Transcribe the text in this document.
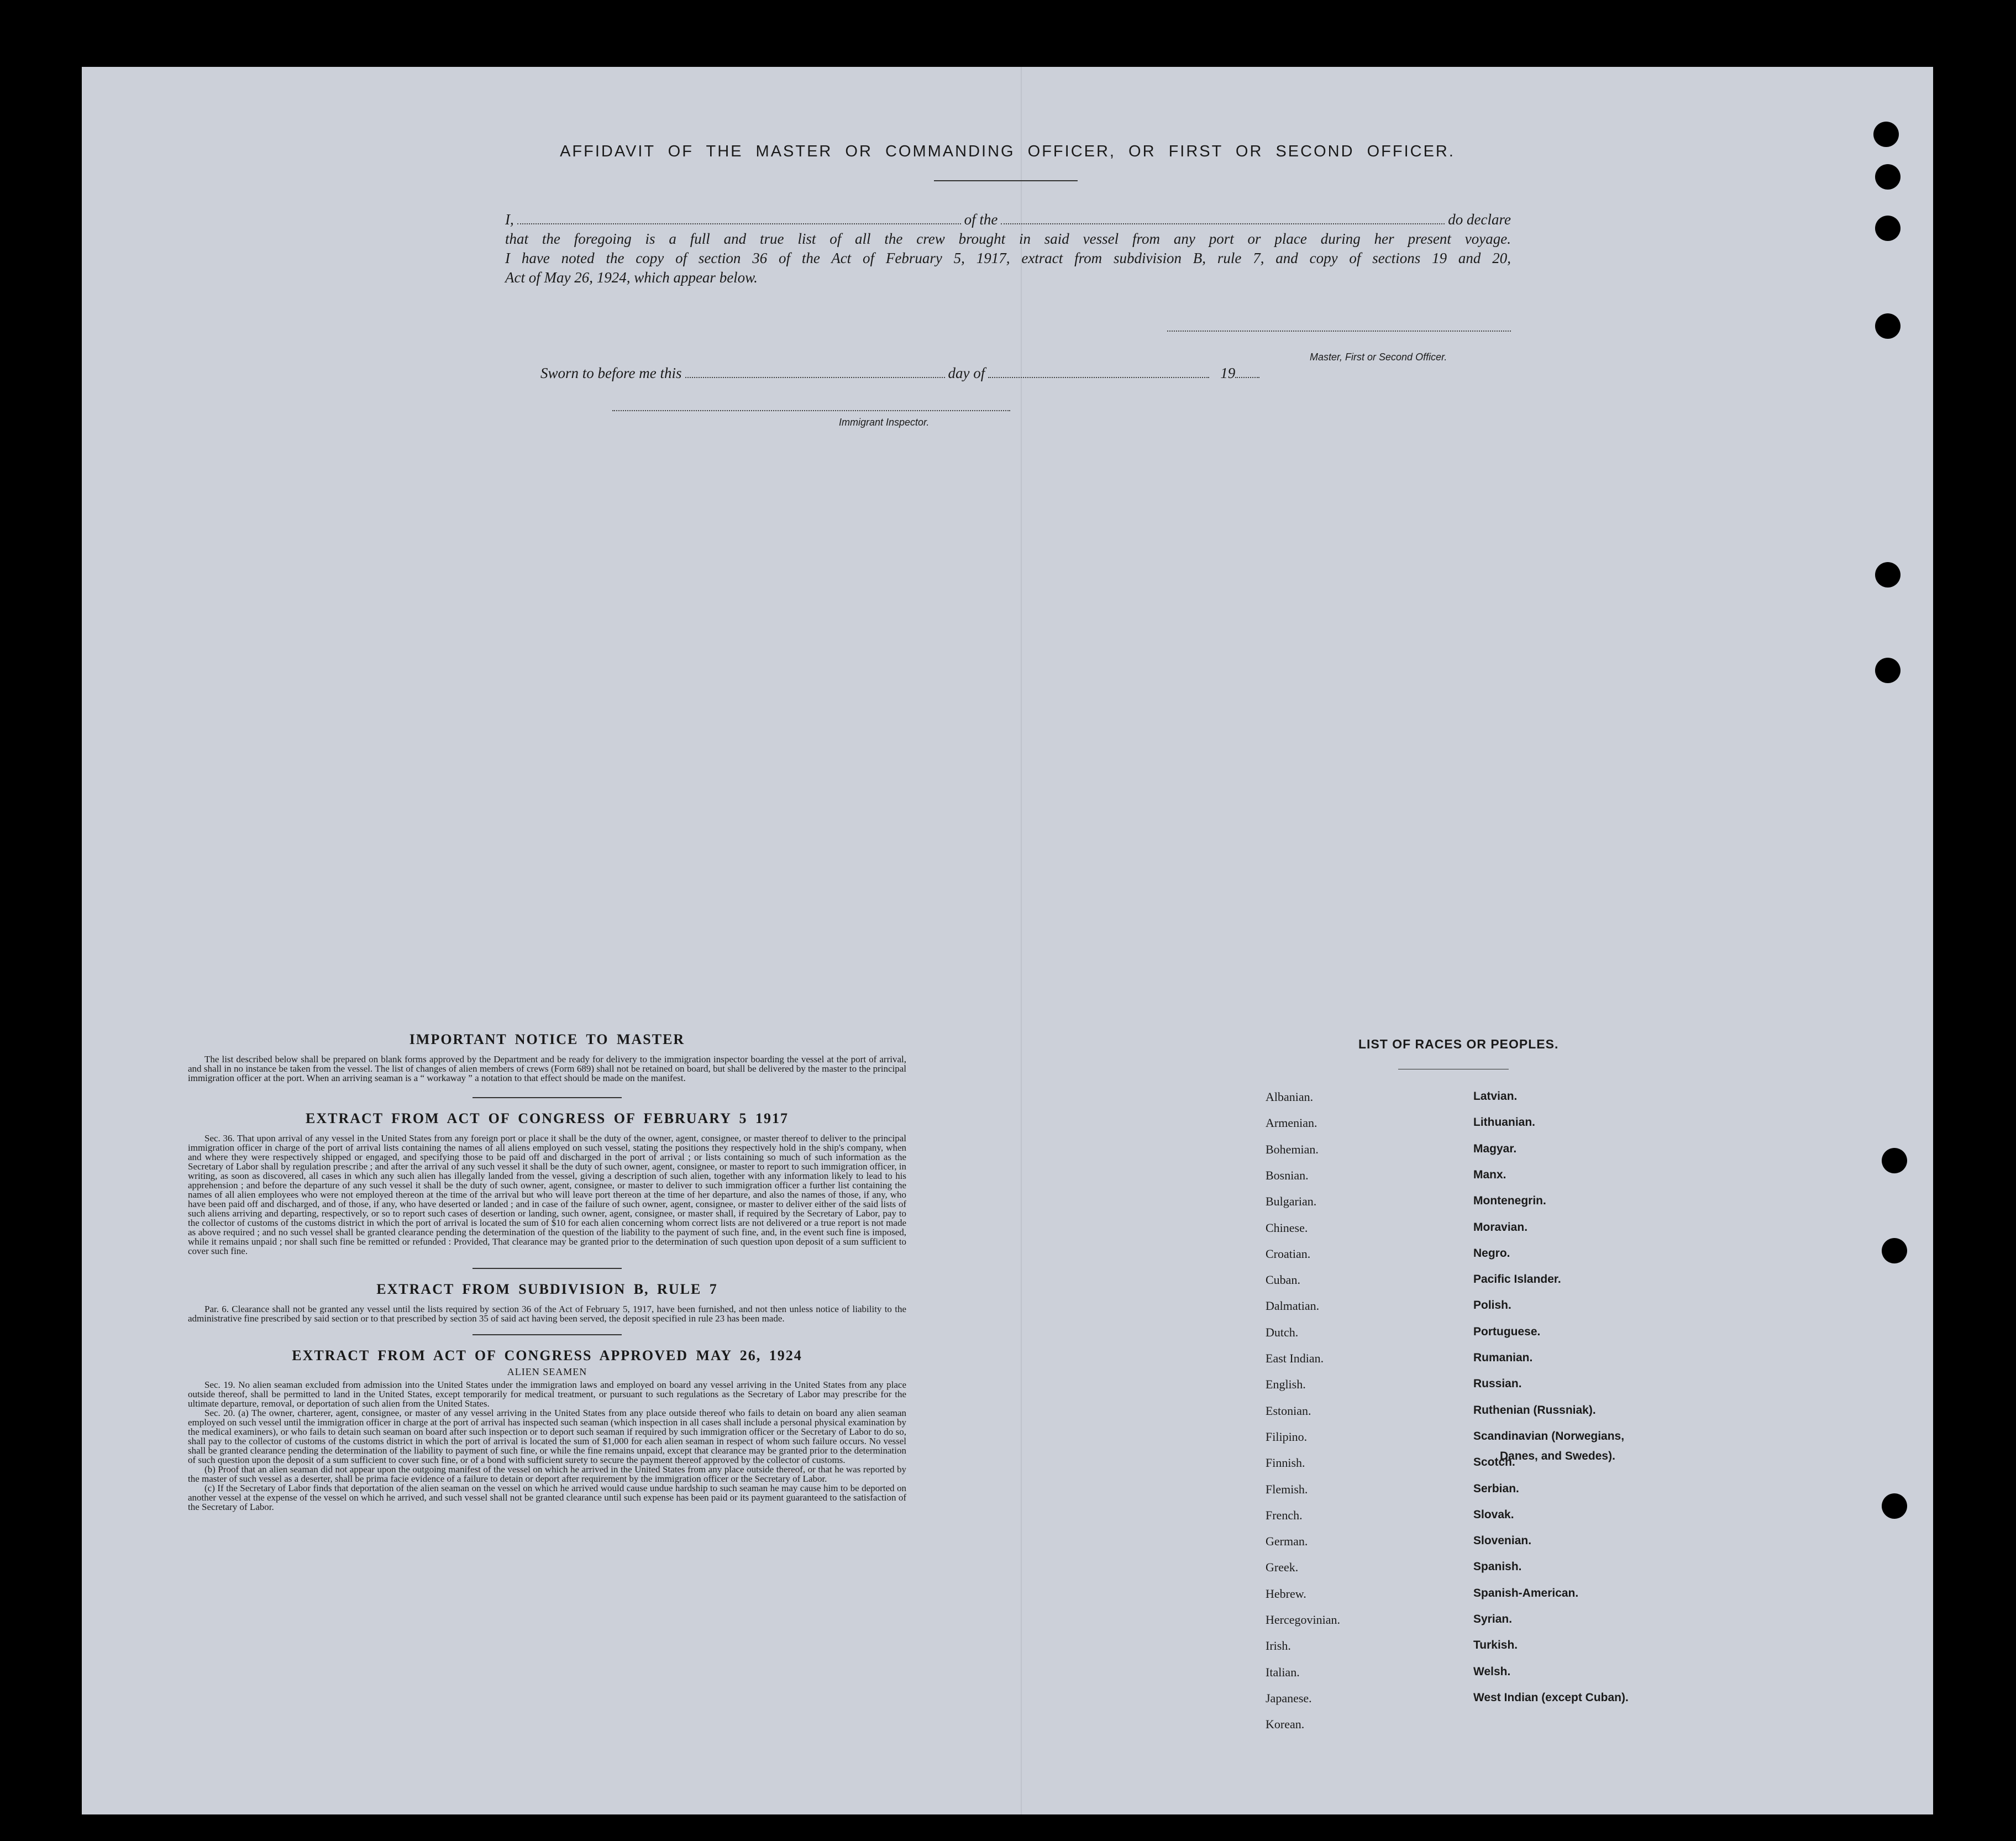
AFFIDAVIT OF THE MASTER OR COMMANDING OFFICER, OR FIRST OR SECOND OFFICER.
I,	of the	do declare

that the foregoing is a full and true list of all the crew brought in said vessel from any port or place during her present voyage.

I have noted the copy of section 36 of the Act of February 5, 1917, extract from subdivision B, rule 7, and copy of sections 19 and 20,

Act of May 26, 1924, which appear below.

Master, First or Second Officer.
Sworn to before me this	day of	19
Immigrant Inspector.
IMPORTANT NOTICE TO MASTER

The list described below shall be prepared on blank forms approved by the Department and be ready for delivery to the immigration inspector boarding the vessel at the port of arrival, and shall in no instance be taken from the vessel. The list of changes of alien members of crews (Form 689) shall not be retained on board, but shall be delivered by the master to the principal immigration officer at the port. When an arriving seaman is a “ workaway ” a notation to that effect should be made on the manifest.

EXTRACT FROM ACT OF CONGRESS OF FEBRUARY 5 1917

Sec. 36. That upon arrival of any vessel in the United States from any foreign port or place it shall be the duty of the owner, agent, consignee, or master thereof to deliver to the principal immigration officer in charge of the port of arrival lists containing the names of all aliens employed on such vessel, stating the positions they respectively hold in the ship's company, when and where they were respectively shipped or engaged, and specifying those to be paid off and discharged in the port of arrival ; or lists containing so much of such information as the Secretary of Labor shall by regulation prescribe ; and after the arrival of any such vessel it shall be the duty of such owner, agent, consignee, or master to report to such immigration officer, in writing, as soon as discovered, all cases in which any such alien has illegally landed from the vessel, giving a description of such alien, together with any information likely to lead to his apprehension ; and before the departure of any such vessel it shall be the duty of such owner, agent, consignee, or master to deliver to such immigration officer a further list containing the names of all alien employees who were not employed thereon at the time of the arrival but who will leave port thereon at the time of her departure, and also the names of those, if any, who have been paid off and discharged, and of those, if any, who have deserted or landed ; and in case of the failure of such owner, agent, consignee, or master to deliver either of the said lists of such aliens arriving and departing, respectively, or so to report such cases of desertion or landing, such owner, agent, consignee, or master shall, if required by the Secretary of Labor, pay to the collector of customs of the customs district in which the port of arrival is located the sum of $10 for each alien concerning whom correct lists are not delivered or a true report is not made as above required ; and no such vessel shall be granted clearance pending the determination of the question of the liability to the payment of such fine, and, in the event such fine is imposed, while it remains unpaid ; nor shall such fine be remitted or refunded : Provided, That clearance may be granted prior to the determination of such question upon deposit of a sum sufficient to cover such fine.

EXTRACT FROM SUBDIVISION B, RULE 7

Par. 6. Clearance shall not be granted any vessel until the lists required by section 36 of the Act of February 5, 1917, have been furnished, and not then unless notice of liability to the administrative fine prescribed by said section or to that prescribed by section 35 of said act having been served, the deposit specified in rule 23 has been made.

EXTRACT FROM ACT OF CONGRESS APPROVED MAY 26, 1924
ALIEN SEAMEN

Sec. 19. No alien seaman excluded from admission into the United States under the immigration laws and employed on board any vessel arriving in the United States from any place outside thereof, shall be permitted to land in the United States, except temporarily for medical treatment, or pursuant to such regulations as the Secretary of Labor may prescribe for the ultimate departure, removal, or deportation of such alien from the United States.

Sec. 20. (a) The owner, charterer, agent, consignee, or master of any vessel arriving in the United States from any place outside thereof who fails to detain on board any alien seaman employed on such vessel until the immigration officer in charge at the port of arrival has inspected such seaman (which inspection in all cases shall include a personal physical examination by the medical examiners), or who fails to detain such seaman on board after such inspection or to deport such seaman if required by such immigration officer or the Secretary of Labor to do so, shall pay to the collector of customs of the customs district in which the port of arrival is located the sum of $1,000 for each alien seaman in respect of whom such failure occurs. No vessel shall be granted clearance pending the determination of the liability to payment of such fine, or while the fine remains unpaid, except that clearance may be granted prior to the determination of such question upon the deposit of a sum sufficient to cover such fine, or of a bond with sufficient surety to secure the payment thereof approved by the collector of customs.

(b) Proof that an alien seaman did not appear upon the outgoing manifest of the vessel on which he arrived in the United States from any place outside thereof, or that he was reported by the master of such vessel as a deserter, shall be prima facie evidence of a failure to detain or deport after requirement by the immigration officer or the Secretary of Labor.

(c) If the Secretary of Labor finds that deportation of the alien seaman on the vessel on which he arrived would cause undue hardship to such seaman he may cause him to be deported on another vessel at the expense of the vessel on which he arrived, and such vessel shall not be granted clearance until such expense has been paid or its payment guaranteed to the satisfaction of the Secretary of Labor.

LIST OF RACES OR PEOPLES.
Albanian.
Armenian.
Bohemian.
Bosnian.
Bulgarian.
Chinese.
Croatian.
Cuban.
Dalmatian.
Dutch.
East Indian.
English.
Estonian.
Filipino.
Finnish.
Flemish.
French.
German.
Greek.
Hebrew.
Hercegovinian.
Irish.
Italian.
Japanese.
Korean.
Latvian.
Lithuanian.
Magyar.
Manx.
Montenegrin.
Moravian.
Negro.
Pacific Islander.
Polish.
Portuguese.
Rumanian.
Russian.
Ruthenian (Russniak).
Scandinavian (Norwegians,
Danes, and Swedes).
Scotch.
Serbian.
Slovak.
Slovenian.
Spanish.
Spanish-American.
Syrian.
Turkish.
Welsh.
West Indian (except Cuban).
